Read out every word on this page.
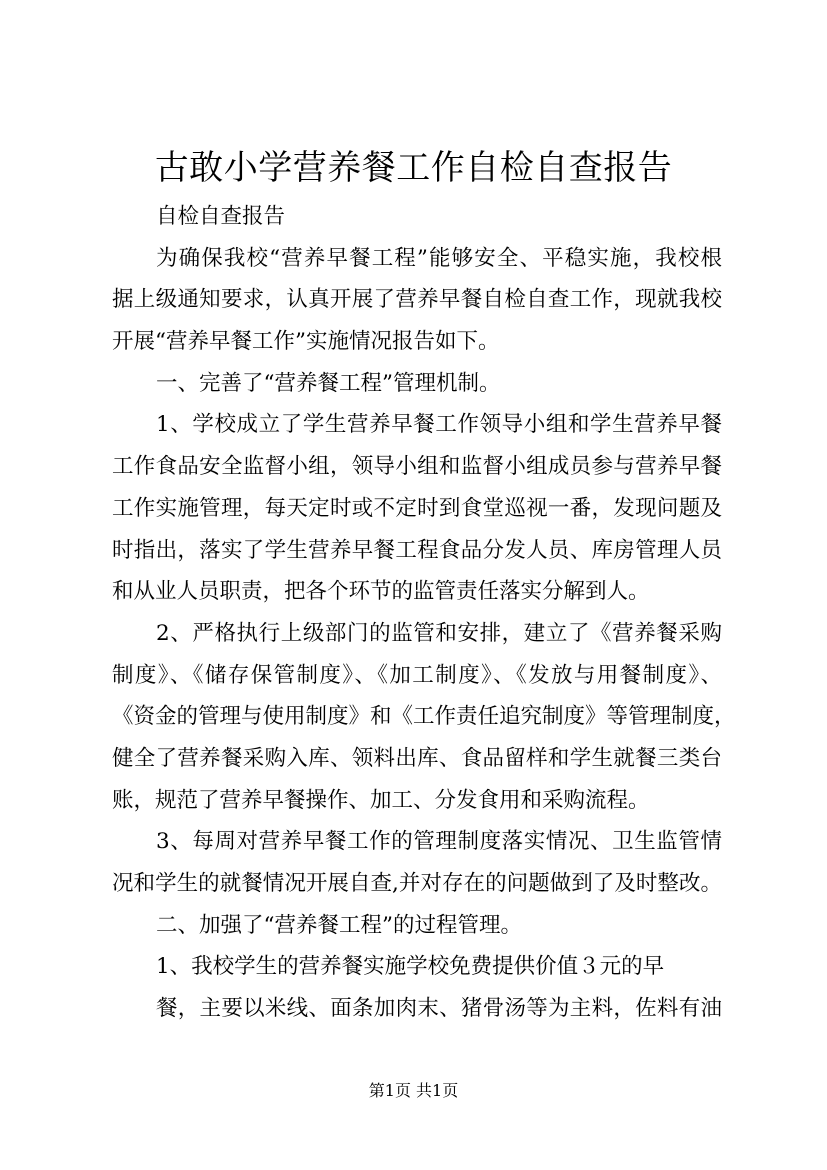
古敢小学营养餐工作自检自查报告
自检自查报告
为确保我校“营养早餐工程”能够安全、平稳实施，我校根
据上级通知要求，认真开展了营养早餐自检自查工作，现就我校
开展“营养早餐工作”实施情况报告如下。
一、完善了“营养餐工程”管理机制。
1、学校成立了学生营养早餐工作领导小组和学生营养早餐
工作食品安全监督小组，领导小组和监督小组成员参与营养早餐
工作实施管理，每天定时或不定时到食堂巡视一番，发现问题及
时指出，落实了学生营养早餐工程食品分发人员、库房管理人员
和从业人员职责，把各个环节的监管责任落实分解到人。
2、严格执行上级部门的监管和安排，建立了《营养餐采购
制度》、《储存保管制度》、《加工制度》、《发放与用餐制度》、
《资金的管理与使用制度》和《工作责任追究制度》等管理制度，
健全了营养餐采购入库、领料出库、食品留样和学生就餐三类台
账，规范了营养早餐操作、加工、分发食用和采购流程。
3、每周对营养早餐工作的管理制度落实情况、卫生监管情
况和学生的就餐情况开展自查,并对存在的问题做到了及时整改。
二、加强了“营养餐工程”的过程管理。
1、我校学生的营养餐实施学校免费提供价值３元的早
餐，主要以米线、面条加肉末、猪骨汤等为主料，佐料有油
第1页 共1页
